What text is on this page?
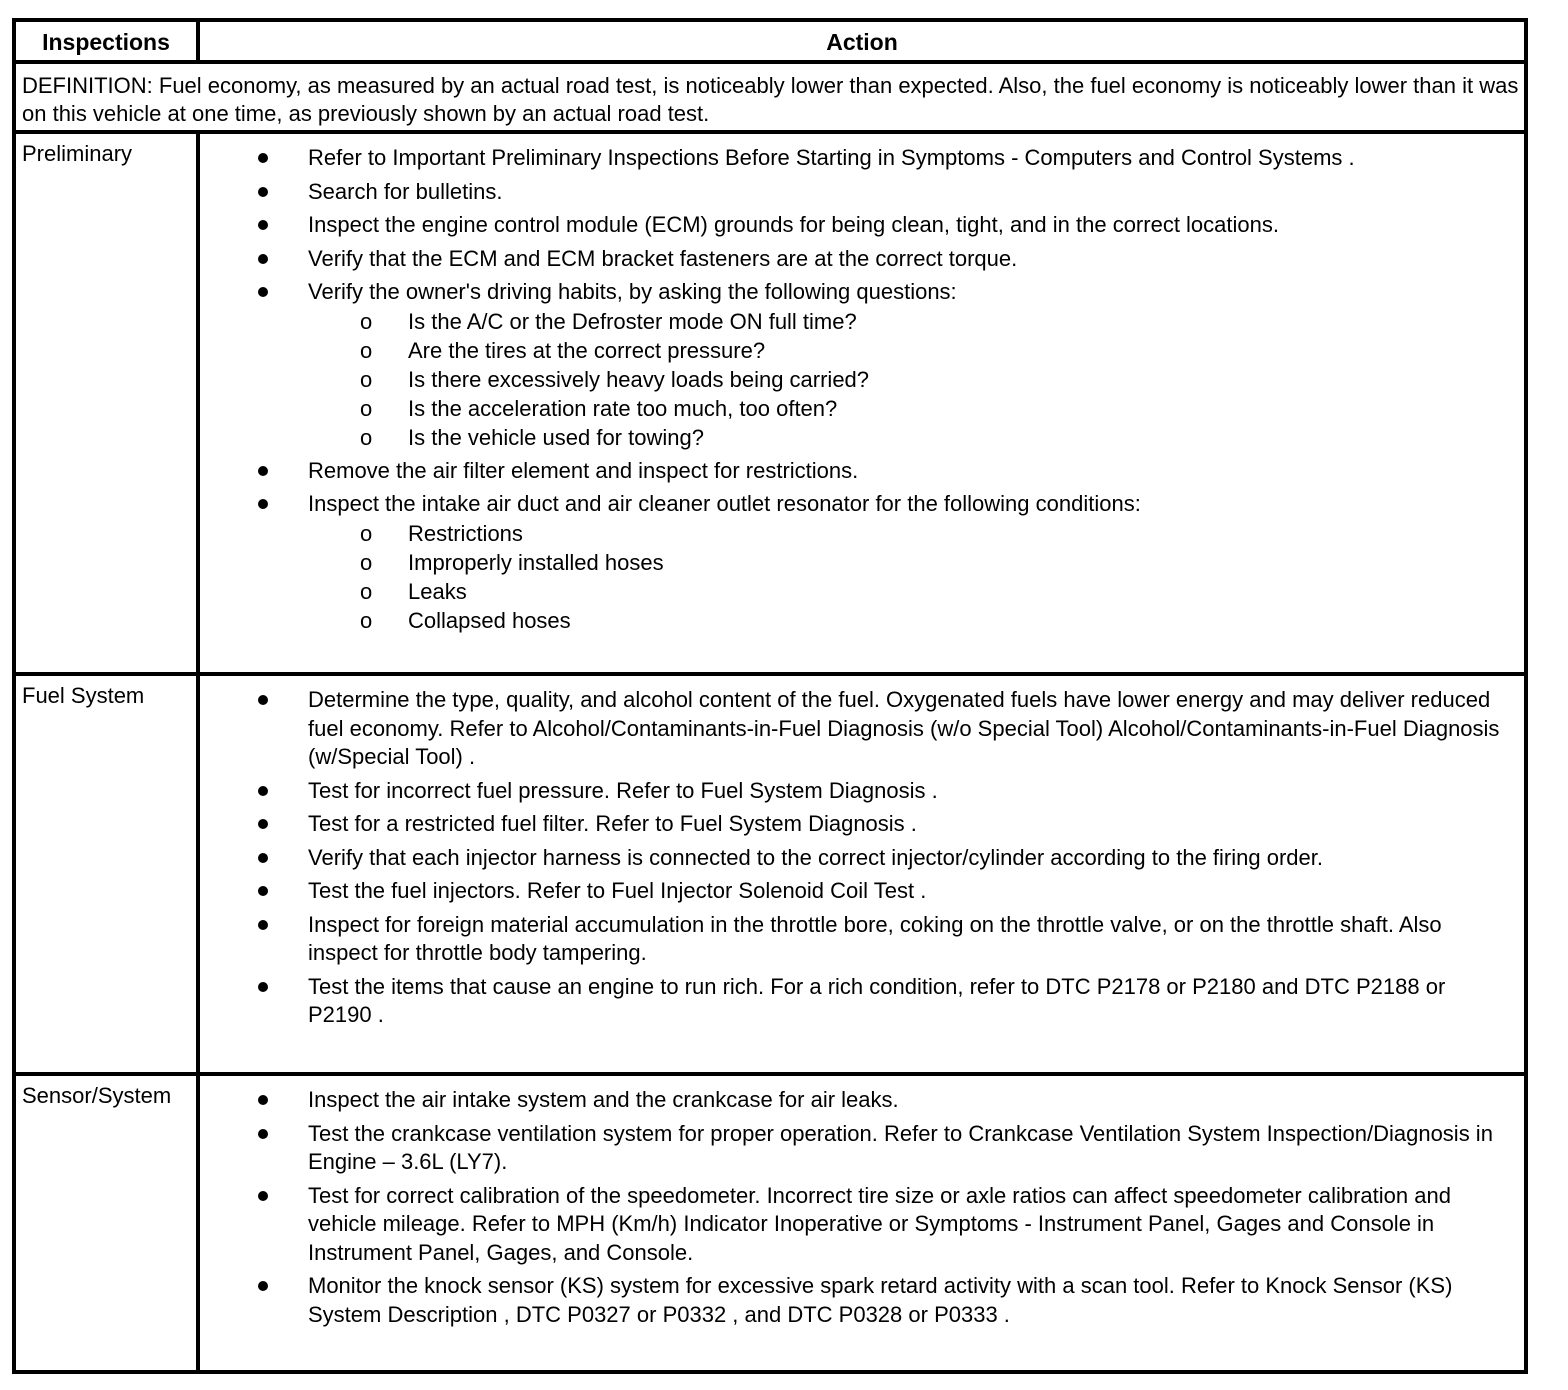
Inspections	Action
DEFINITION: Fuel economy, as measured by an actual road test, is noticeably lower than expected. Also, the fuel economy is noticeably lower than it was on this vehicle at one time, as previously shown by an actual road test.
Preliminary
Fuel System
Sensor/System
Refer to Important Preliminary Inspections Before Starting in Symptoms - Computers and Control Systems .
Search for bulletins.
Inspect the engine control module (ECM) grounds for being clean, tight, and in the correct locations.
Verify that the ECM and ECM bracket fasteners are at the correct torque.
Verify the owner's driving habits, by asking the following questions:
o Is the A/C or the Defroster mode ON full time?
o Are the tires at the correct pressure?
o Is there excessively heavy loads being carried?
o Is the acceleration rate too much, too often?
o Is the vehicle used for towing?
Remove the air filter element and inspect for restrictions.
Inspect the intake air duct and air cleaner outlet resonator for the following conditions:
o Restrictions
o Improperly installed hoses
o Leaks
o Collapsed hoses
Determine the type, quality, and alcohol content of the fuel. Oxygenated fuels have lower energy and may deliver reduced fuel economy. Refer to Alcohol/Contaminants-in-Fuel Diagnosis (w/o Special Tool) Alcohol/Contaminants-in-Fuel Diagnosis (w/Special Tool) .
Test for incorrect fuel pressure. Refer to Fuel System Diagnosis .
Test for a restricted fuel filter. Refer to Fuel System Diagnosis .
Verify that each injector harness is connected to the correct injector/cylinder according to the firing order.
Test the fuel injectors. Refer to Fuel Injector Solenoid Coil Test .
Inspect for foreign material accumulation in the throttle bore, coking on the throttle valve, or on the throttle shaft. Also inspect for throttle body tampering.
Test the items that cause an engine to run rich. For a rich condition, refer to DTC P2178 or P2180 and DTC P2188 or P2190 .
Inspect the air intake system and the crankcase for air leaks.
Test the crankcase ventilation system for proper operation. Refer to Crankcase Ventilation System Inspection/Diagnosis in Engine – 3.6L (LY7).
Test for correct calibration of the speedometer. Incorrect tire size or axle ratios can affect speedometer calibration and vehicle mileage. Refer to MPH (Km/h) Indicator Inoperative or Symptoms - Instrument Panel, Gages and Console in Instrument Panel, Gages, and Console.
Monitor the knock sensor (KS) system for excessive spark retard activity with a scan tool. Refer to Knock Sensor (KS) System Description , DTC P0327 or P0332 , and DTC P0328 or P0333 .
